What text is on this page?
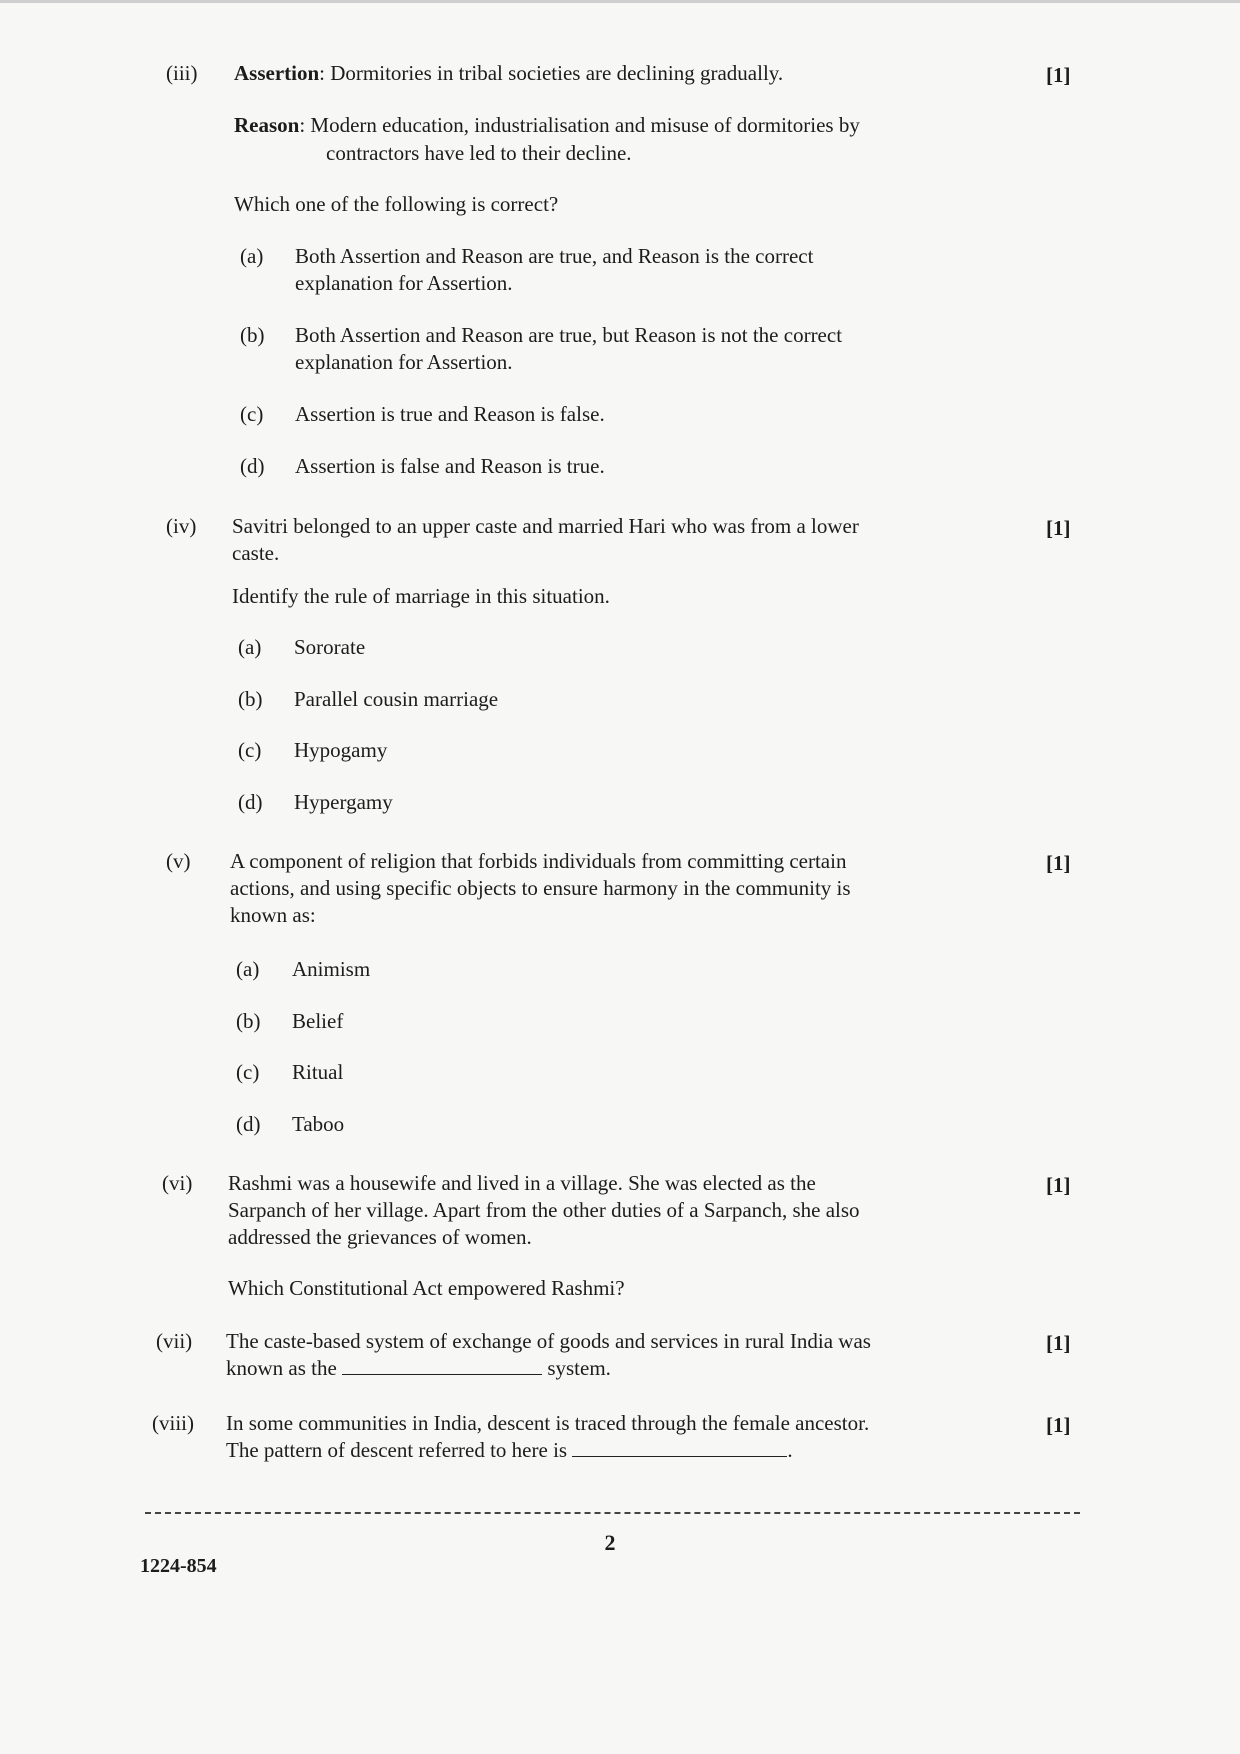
(iii) Assertion: Dormitories in tribal societies are declining gradually.	[1]
Reason: Modern education, industrialisation and misuse of dormitories by
contractors have led to their decline.
Which one of the following is correct?
(a) Both Assertion and Reason are true, and Reason is the correct
explanation for Assertion.
(b) Both Assertion and Reason are true, but Reason is not the correct
explanation for Assertion.
(c) Assertion is true and Reason is false.
(d) Assertion is false and Reason is true.
(iv) Savitri belonged to an upper caste and married Hari who was from a lower
caste.
[1]
Identify the rule of marriage in this situation.
(a) Sororate
(b) Parallel cousin marriage
(c) Hypogamy
(d) Hypergamy
(v) A component of religion that forbids individuals from committing certain
actions, and using specific objects to ensure harmony in the community is
known as:
[1]
(a) Animism
(b) Belief
(c) Ritual
(d) Taboo
(vi) Rashmi was a housewife and lived in a village. She was elected as the
Sarpanch of her village. Apart from the other duties of a Sarpanch, she also
addressed the grievances of women.
[1]
Which Constitutional Act empowered Rashmi?
(vii) The caste-based system of exchange of goods and services in rural India was	[1]
known as the	system.
(viii) In some communities in India, descent is traced through the female ancestor.	[1]
The pattern of descent referred to here is	.
2
1224-854
